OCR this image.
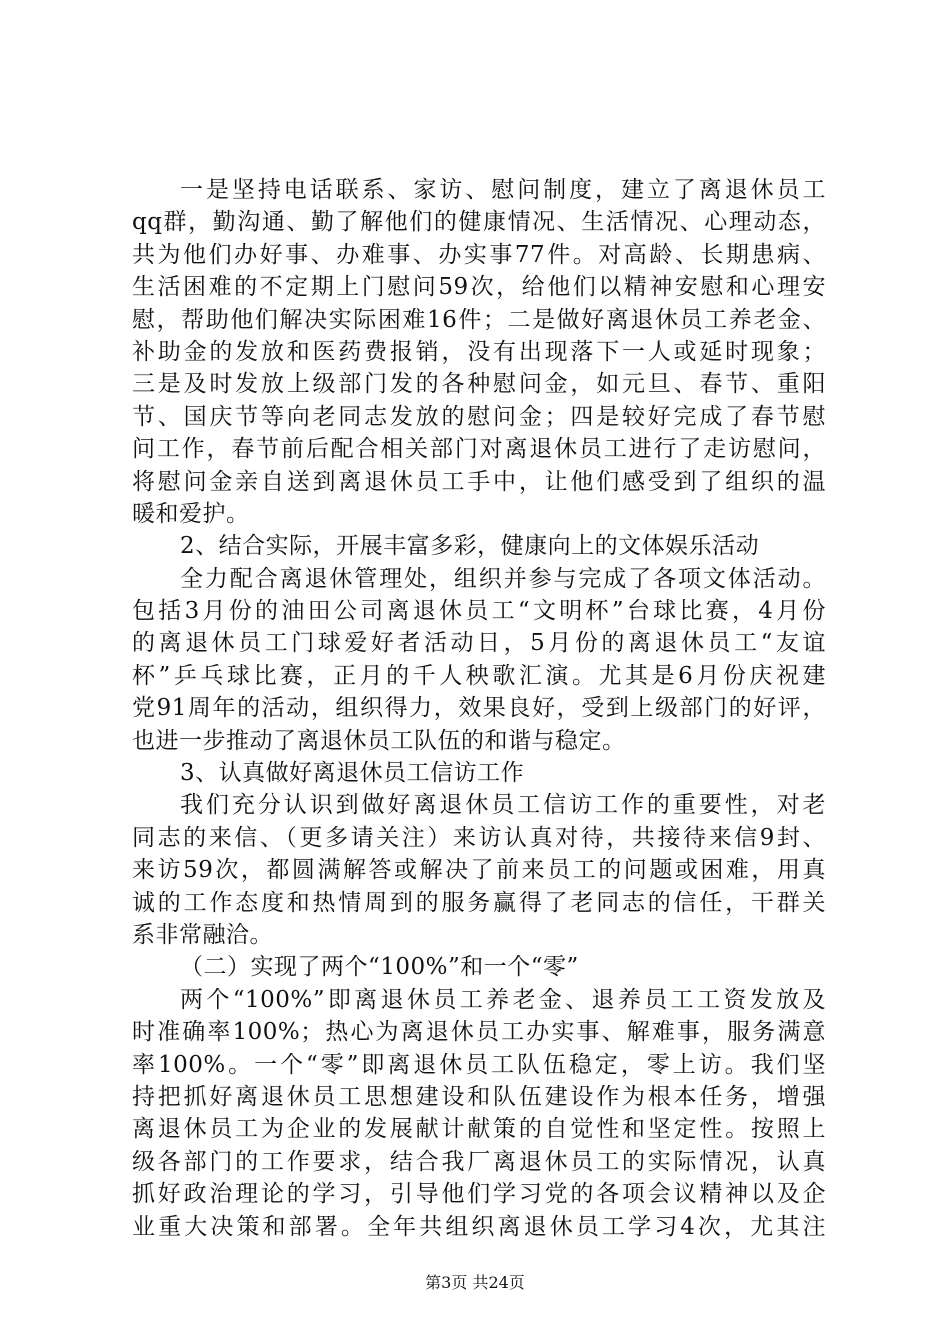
一是坚持电话联系、家访、慰问制度，建立了离退休员工
qq群，勤沟通、勤了解他们的健康情况、生活情况、心理动态，
共为他们办好事、办难事、办实事77件。对高龄、长期患病、
生活困难的不定期上门慰问59次，给他们以精神安慰和心理安
慰，帮助他们解决实际困难16件；二是做好离退休员工养老金、
补助金的发放和医药费报销，没有出现落下一人或延时现象；
三是及时发放上级部门发的各种慰问金，如元旦、春节、重阳
节、国庆节等向老同志发放的慰问金；四是较好完成了春节慰
问工作，春节前后配合相关部门对离退休员工进行了走访慰问，
将慰问金亲自送到离退休员工手中，让他们感受到了组织的温
暖和爱护。
2、结合实际，开展丰富多彩，健康向上的文体娱乐活动
全力配合离退休管理处，组织并参与完成了各项文体活动。
包括3月份的油田公司离退休员工“文明杯”台球比赛，4月份
的离退休员工门球爱好者活动日，5月份的离退休员工“友谊
杯”乒乓球比赛，正月的千人秧歌汇演。尤其是6月份庆祝建
党91周年的活动，组织得力，效果良好，受到上级部门的好评，
也进一步推动了离退休员工队伍的和谐与稳定。
3、认真做好离退休员工信访工作
我们充分认识到做好离退休员工信访工作的重要性，对老
同志的来信、（更多请关注）来访认真对待，共接待来信9封、
来访59次，都圆满解答或解决了前来员工的问题或困难，用真
诚的工作态度和热情周到的服务赢得了老同志的信任，干群关
系非常融洽。
（二）实现了两个“100%”和一个“零”
两个“100%”即离退休员工养老金、退养员工工资发放及
时准确率100%；热心为离退休员工办实事、解难事，服务满意
率100%。一个“零”即离退休员工队伍稳定，零上访。我们坚
持把抓好离退休员工思想建设和队伍建设作为根本任务，增强
离退休员工为企业的发展献计献策的自觉性和坚定性。按照上
级各部门的工作要求，结合我厂离退休员工的实际情况，认真
抓好政治理论的学习，引导他们学习党的各项会议精神以及企
业重大决策和部署。全年共组织离退休员工学习4次，尤其注
第3页 共24页
